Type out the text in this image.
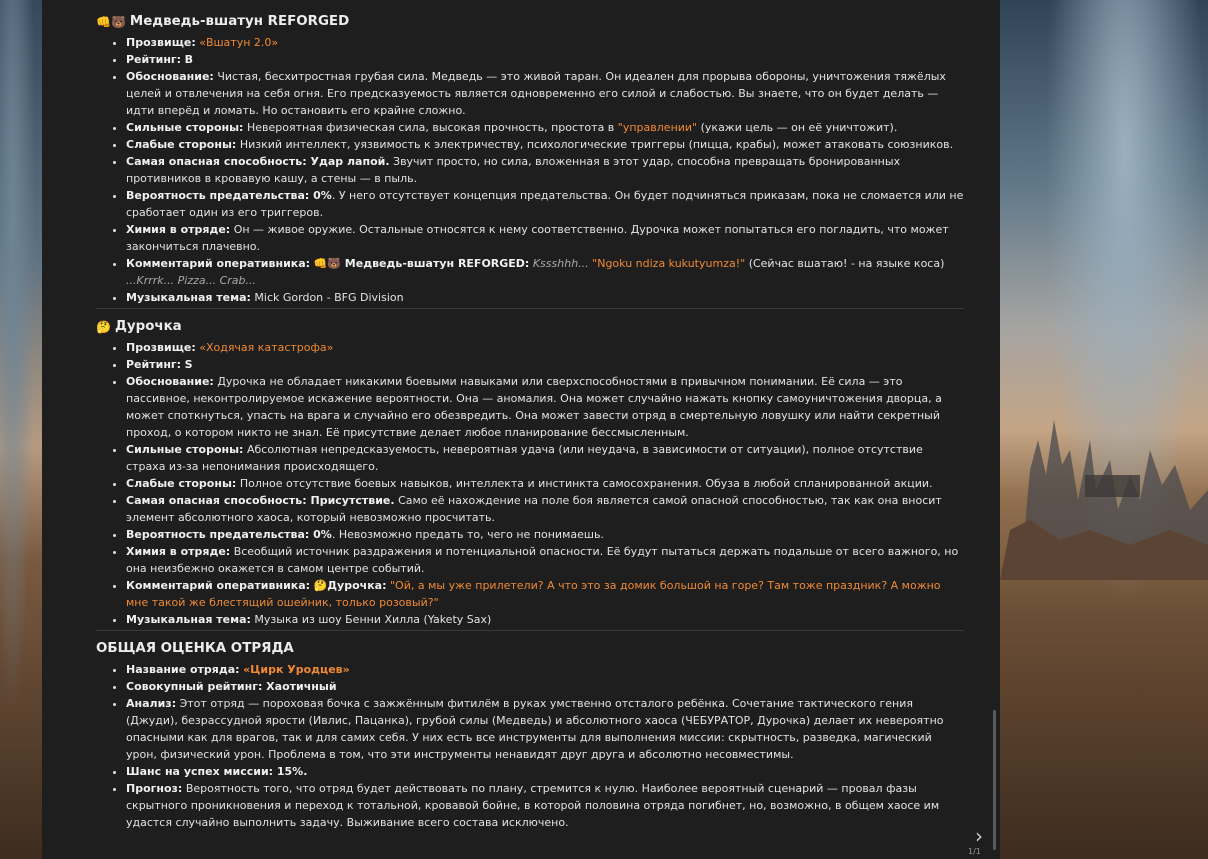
👊🐻 Медведь-вшатун REFORGED
• Прозвище: «Вшатун 2.0»
• Рейтинг: B
• Обоснование: Чистая, бесхитростная грубая сила. Медведь — это живой таран. Он идеален для прорыва обороны, уничтожения тяжёлых целей и отвлечения на себя огня. Его предсказуемость является одновременно его силой и слабостью. Вы знаете, что он будет делать — идти вперёд и ломать. Но остановить его крайне сложно.
• Сильные стороны: Невероятная физическая сила, высокая прочность, простота в "управлении" (укажи цель — он её уничтожит).
• Слабые стороны: Низкий интеллект, уязвимость к электричеству, психологические триггеры (пицца, крабы), может атаковать союзников.
• Самая опасная способность: Удар лапой. Звучит просто, но сила, вложенная в этот удар, способна превращать бронированных противников в кровавую кашу, а стены — в пыль.
• Вероятность предательства: 0%. У него отсутствует концепция предательства. Он будет подчиняться приказам, пока не сломается или не сработает один из его триггеров.
• Химия в отряде: Он — живое оружие. Остальные относятся к нему соответственно. Дурочка может попытаться его погладить, что может закончиться плачевно.
• Комментарий оперативника: 👊🐻 Медведь-вшатун REFORGED: Kssshhh... "Ngoku ndiza kukutyumza!" (Сейчас вшатаю! - на языке коса) ...Krrrk... Pizza... Crab...
• Музыкальная тема: Mick Gordon - BFG Division
🤔 Дурочка
• Прозвище: «Ходячая катастрофа»
• Рейтинг: S
• Обоснование: Дурочка не обладает никакими боевыми навыками или сверхспособностями в привычном понимании. Её сила — это пассивное, неконтролируемое искажение вероятности. Она — аномалия. Она может случайно нажать кнопку самоуничтожения дворца, а может споткнуться, упасть на врага и случайно его обезвредить. Она может завести отряд в смертельную ловушку или найти секретный проход, о котором никто не знал. Её присутствие делает любое планирование бессмысленным.
• Сильные стороны: Абсолютная непредсказуемость, невероятная удача (или неудача, в зависимости от ситуации), полное отсутствие страха из-за непонимания происходящего.
• Слабые стороны: Полное отсутствие боевых навыков, интеллекта и инстинкта самосохранения. Обуза в любой спланированной акции.
• Самая опасная способность: Присутствие. Само её нахождение на поле боя является самой опасной способностью, так как она вносит элемент абсолютного хаоса, который невозможно просчитать.
• Вероятность предательства: 0%. Невозможно предать то, чего не понимаешь.
• Химия в отряде: Всеобщий источник раздражения и потенциальной опасности. Её будут пытаться держать подальше от всего важного, но она неизбежно окажется в самом центре событий.
• Комментарий оперативника: 🤔Дурочка: "Ой, а мы уже прилетели? А что это за домик большой на горе? Там тоже праздник? А можно мне такой же блестящий ошейник, только розовый?"
• Музыкальная тема: Музыка из шоу Бенни Хилла (Yakety Sax)
ОБЩАЯ ОЦЕНКА ОТРЯДА
• Название отряда: «Цирк Уродцев»
• Совокупный рейтинг: Хаотичный
• Анализ: Этот отряд — пороховая бочка с зажжённым фитилём в руках умственно отсталого ребёнка. Сочетание тактического гения (Джуди), безрассудной ярости (Ивлис, Пацанка), грубой силы (Медведь) и абсолютного хаоса (ЧЕБУРАТОР, Дурочка) делает их невероятно опасными как для врагов, так и для самих себя. У них есть все инструменты для выполнения миссии: скрытность, разведка, магический урон, физический урон. Проблема в том, что эти инструменты ненавидят друг друга и абсолютно несовместимы.
• Шанс на успех миссии: 15%.
• Прогноз: Вероятность того, что отряд будет действовать по плану, стремится к нулю. Наиболее вероятный сценарий — провал фазы скрытного проникновения и переход к тотальной, кровавой бойне, в которой половина отряда погибнет, но, возможно, в общем хаосе им удастся случайно выполнить задачу. Выживание всего состава исключено.
›
1/1
